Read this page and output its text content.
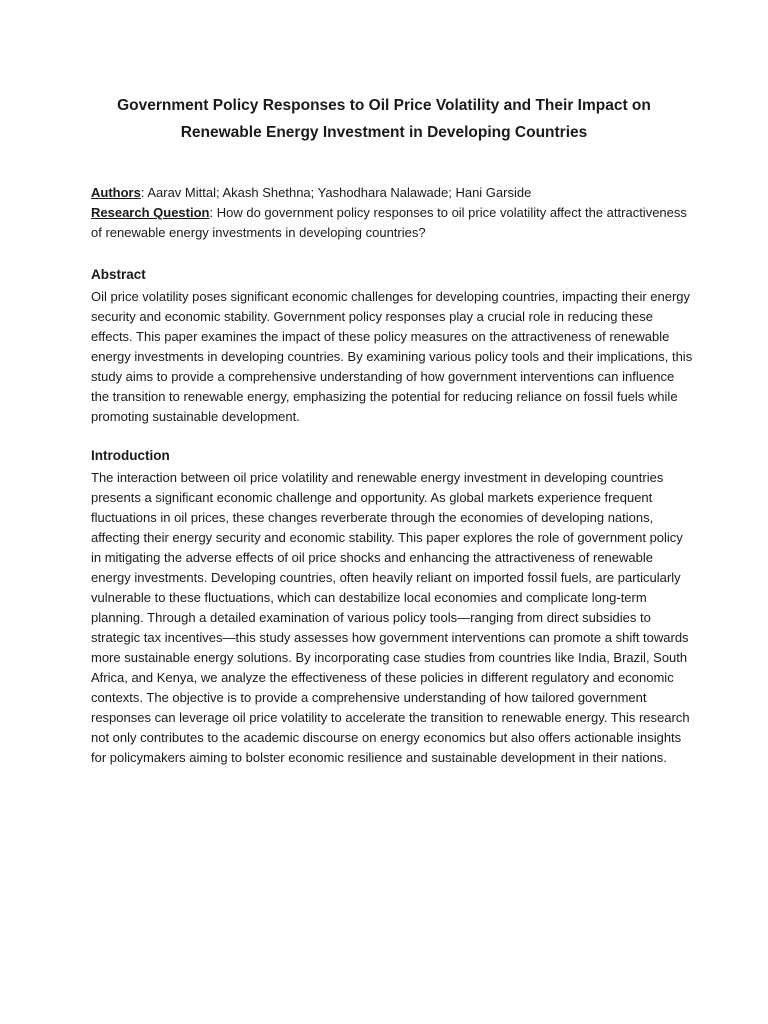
Government Policy Responses to Oil Price Volatility and Their Impact on
Renewable Energy Investment in Developing Countries
Authors: Aarav Mittal; Akash Shethna; Yashodhara Nalawade; Hani Garside
Research Question: How do government policy responses to oil price volatility affect the attractiveness
of renewable energy investments in developing countries?
Abstract
Oil price volatility poses significant economic challenges for developing countries, impacting their energy
security and economic stability. Government policy responses play a crucial role in reducing these
effects. This paper examines the impact of these policy measures on the attractiveness of renewable
energy investments in developing countries. By examining various policy tools and their implications, this
study aims to provide a comprehensive understanding of how government interventions can influence
the transition to renewable energy, emphasizing the potential for reducing reliance on fossil fuels while
promoting sustainable development.
Introduction
The interaction between oil price volatility and renewable energy investment in developing countries
presents a significant economic challenge and opportunity. As global markets experience frequent
fluctuations in oil prices, these changes reverberate through the economies of developing nations,
affecting their energy security and economic stability. This paper explores the role of government policy
in mitigating the adverse effects of oil price shocks and enhancing the attractiveness of renewable
energy investments. Developing countries, often heavily reliant on imported fossil fuels, are particularly
vulnerable to these fluctuations, which can destabilize local economies and complicate long-term
planning. Through a detailed examination of various policy tools—ranging from direct subsidies to
strategic tax incentives—this study assesses how government interventions can promote a shift towards
more sustainable energy solutions. By incorporating case studies from countries like India, Brazil, South
Africa, and Kenya, we analyze the effectiveness of these policies in different regulatory and economic
contexts. The objective is to provide a comprehensive understanding of how tailored government
responses can leverage oil price volatility to accelerate the transition to renewable energy. This research
not only contributes to the academic discourse on energy economics but also offers actionable insights
for policymakers aiming to bolster economic resilience and sustainable development in their nations.
